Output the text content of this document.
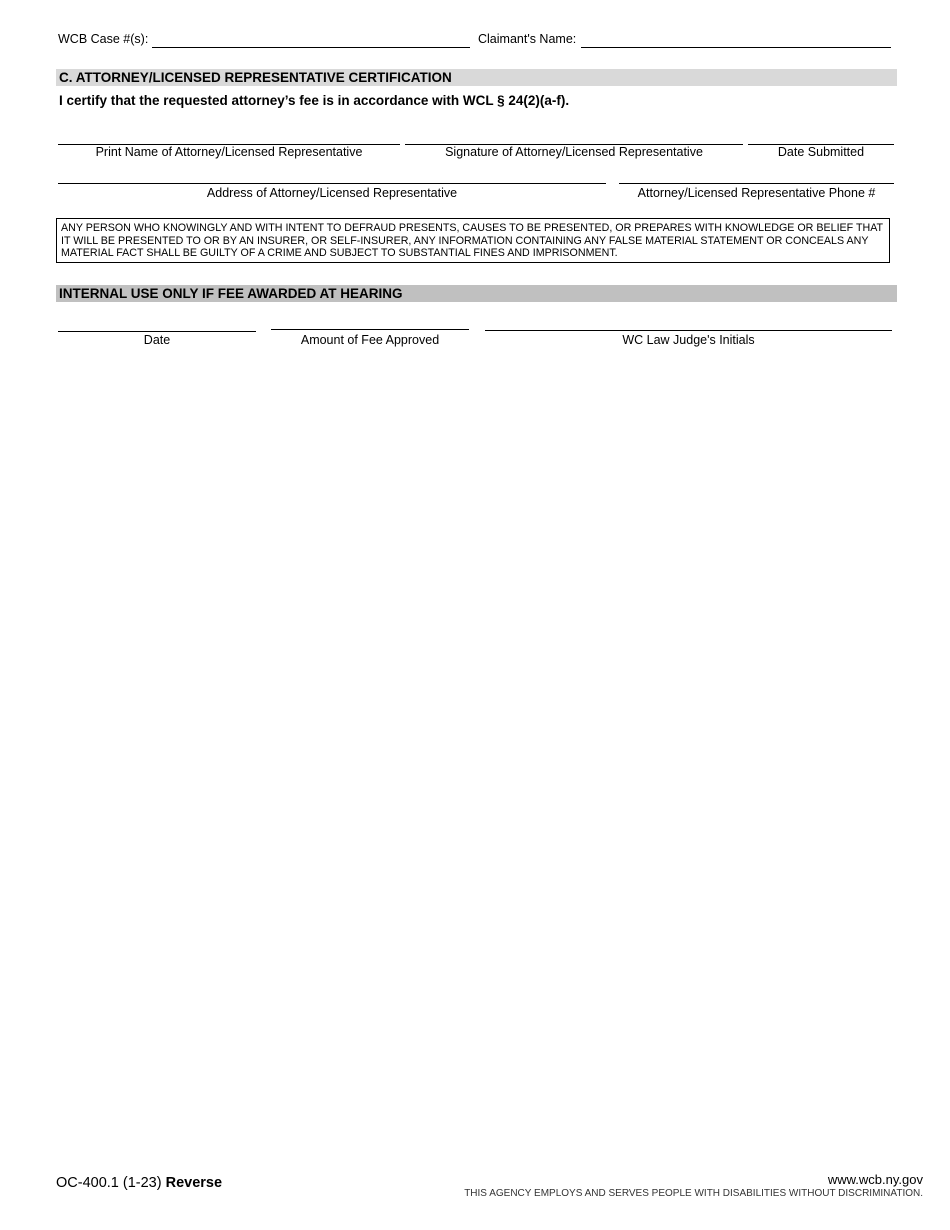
WCB Case #(s):	Claimant's Name:
C. ATTORNEY/LICENSED REPRESENTATIVE CERTIFICATION
I certify that the requested attorney’s fee is in accordance with WCL § 24(2)(a-f).
Print Name of Attorney/Licensed Representative	Signature of Attorney/Licensed Representative	Date Submitted
Address of Attorney/Licensed Representative	Attorney/Licensed Representative Phone #
ANY PERSON WHO KNOWINGLY AND WITH INTENT TO DEFRAUD PRESENTS, CAUSES TO BE PRESENTED, OR PREPARES WITH KNOWLEDGE OR BELIEF THAT IT WILL BE PRESENTED TO OR BY AN INSURER, OR SELF-INSURER, ANY INFORMATION CONTAINING ANY FALSE MATERIAL STATEMENT OR CONCEALS ANY MATERIAL FACT SHALL BE GUILTY OF A CRIME AND SUBJECT TO SUBSTANTIAL FINES AND IMPRISONMENT.
INTERNAL USE ONLY IF FEE AWARDED AT HEARING
Date	Amount of Fee Approved	WC Law Judge's Initials
OC-400.1 (1-23) Reverse	www.wcb.ny.gov
THIS AGENCY EMPLOYS AND SERVES PEOPLE WITH DISABILITIES WITHOUT DISCRIMINATION.
